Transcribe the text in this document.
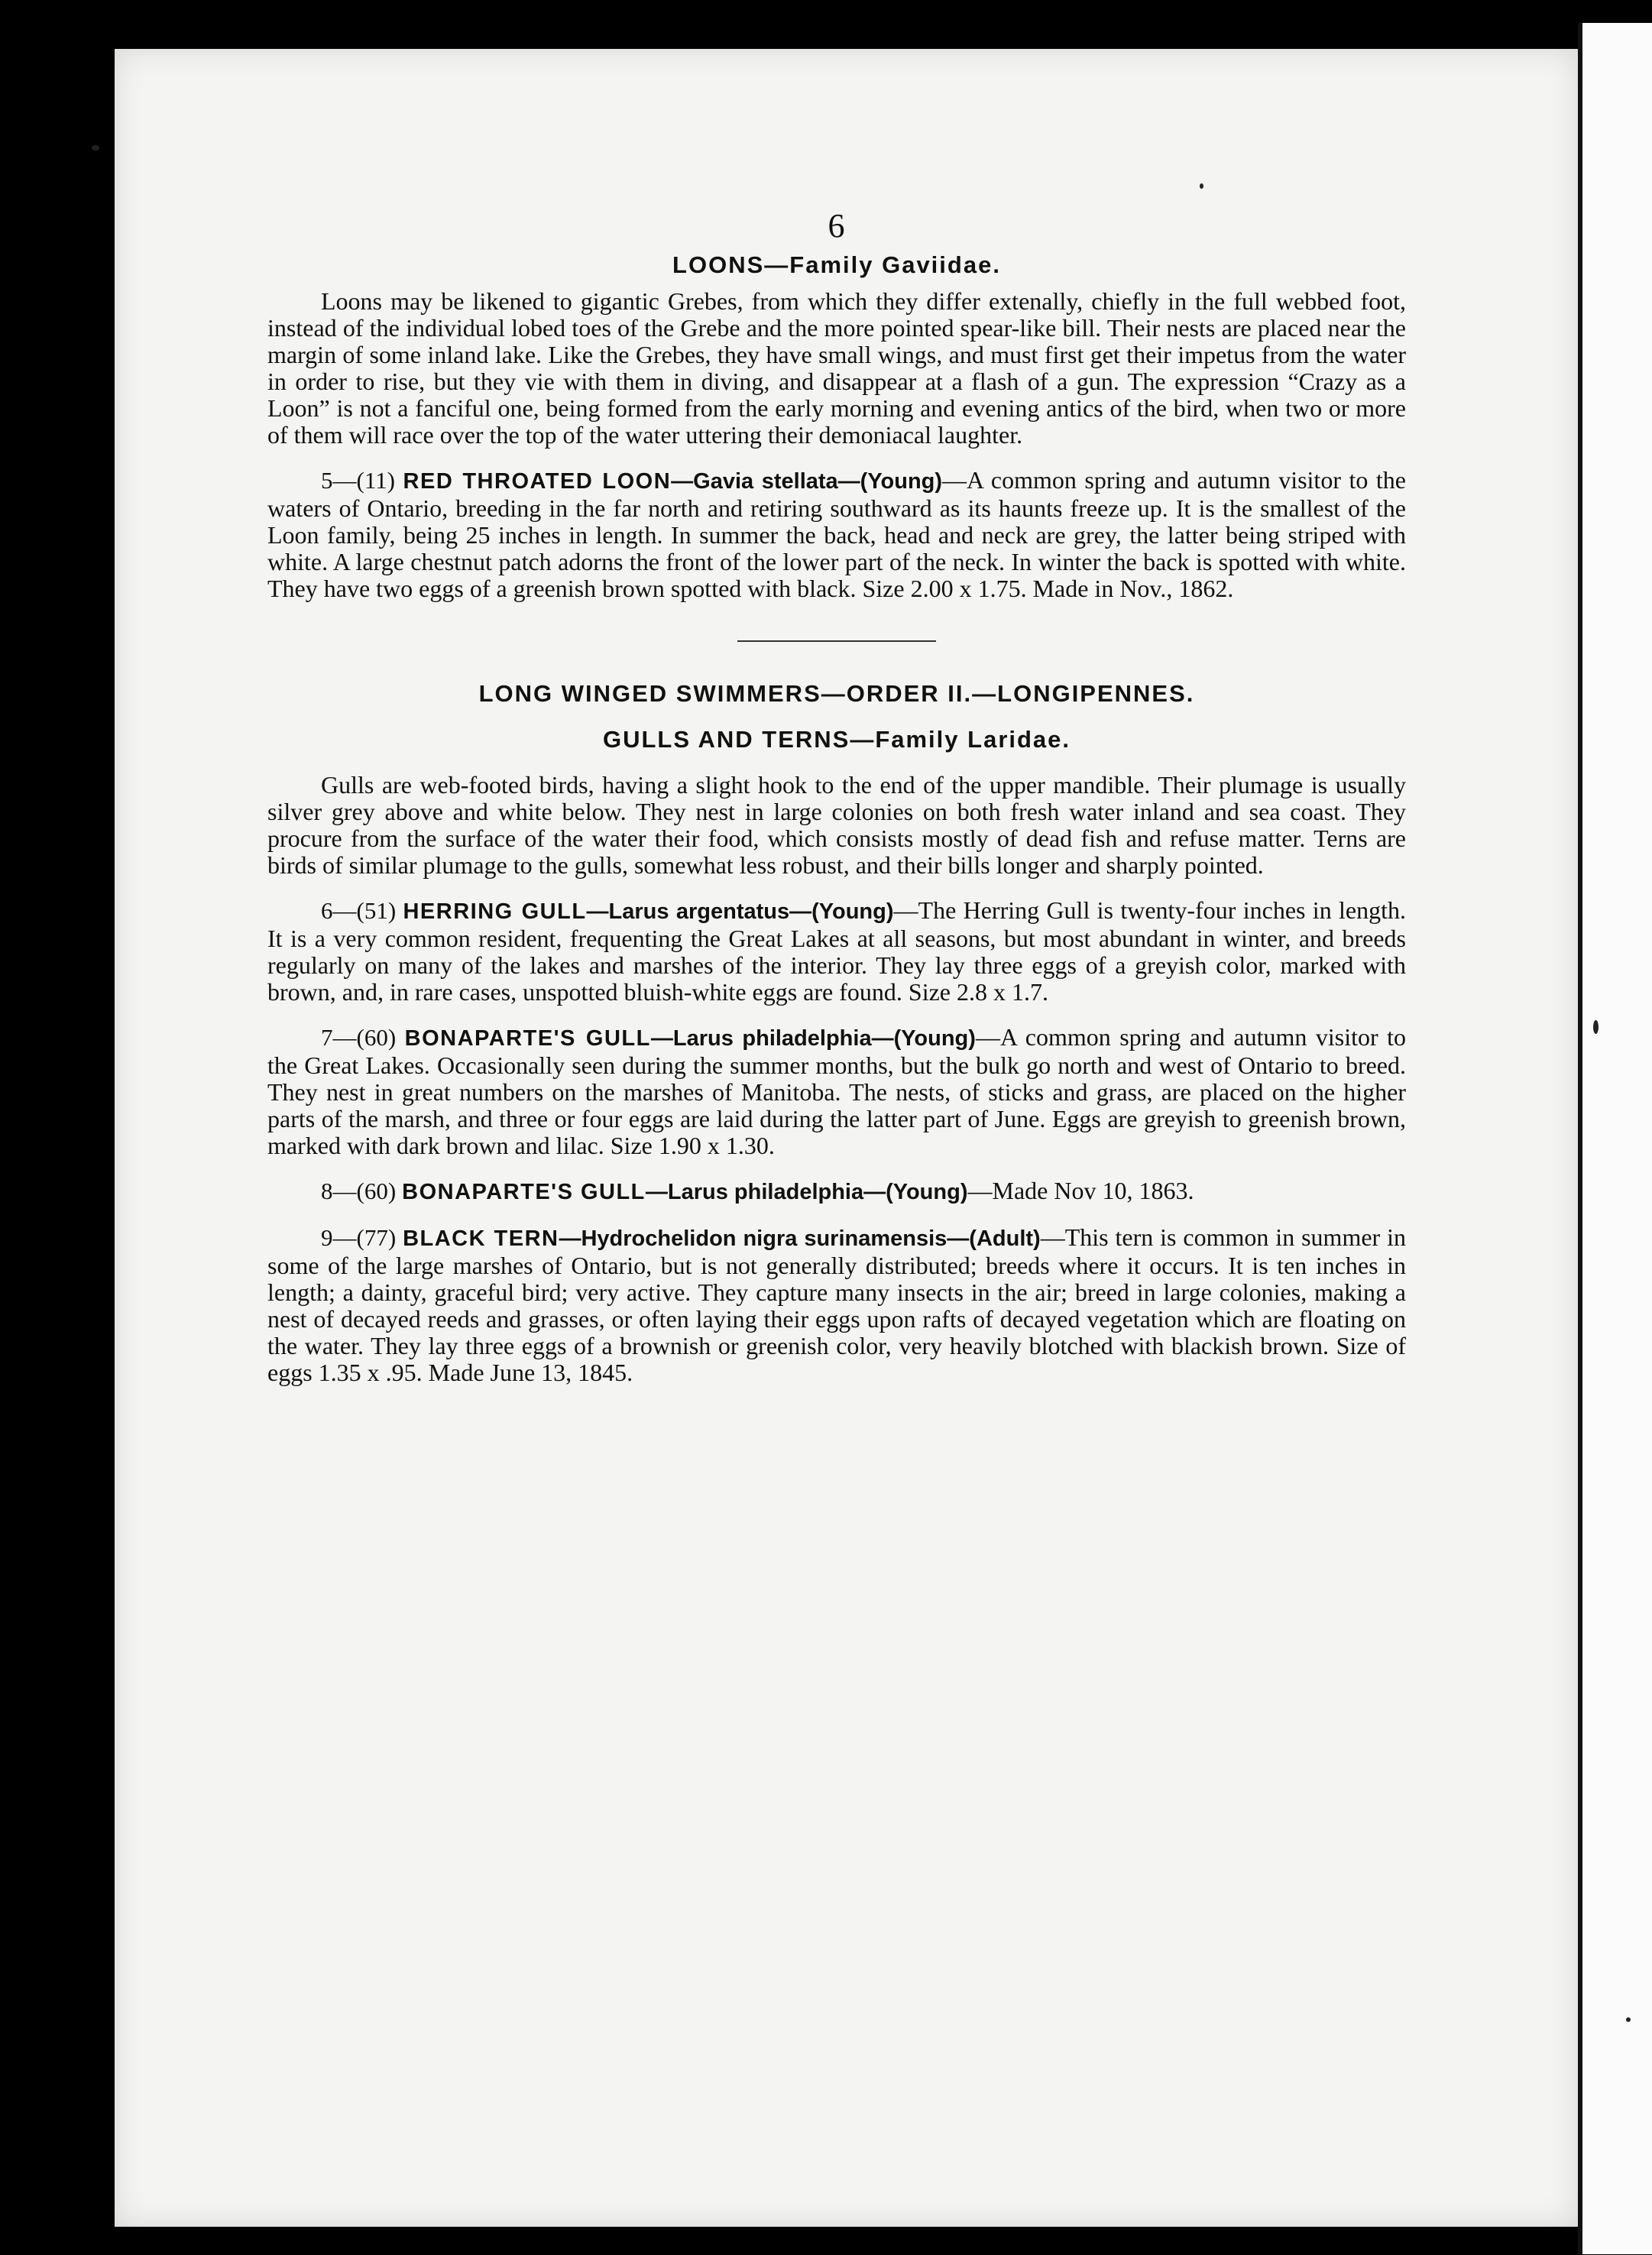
6
LOONS—Family Gaviidae.

Loons may be likened to gigantic Grebes, from which they differ extenally, chiefly in the full webbed foot, instead of the individual lobed toes of the Grebe and the more pointed spear-like bill. Their nests are placed near the margin of some inland lake. Like the Grebes, they have small wings, and must first get their impetus from the water in order to rise, but they vie with them in diving, and disappear at a flash of a gun. The expression “Crazy as a Loon” is not a fanciful one, being formed from the early morning and evening antics of the bird, when two or more of them will race over the top of the water uttering their demoniacal laughter.

5—(11) RED THROATED LOON—Gavia stellata—(Young)—A common spring and autumn visitor to the waters of Ontario, breeding in the far north and retiring southward as its haunts freeze up. It is the smallest of the Loon family, being 25 inches in length. In summer the back, head and neck are grey, the latter being striped with white. A large chestnut patch adorns the front of the lower part of the neck. In winter the back is spotted with white. They have two eggs of a greenish brown spotted with black. Size 2.00 x 1.75. Made in Nov., 1862.

LONG WINGED SWIMMERS—ORDER II.—LONGIPENNES.
GULLS AND TERNS—Family Laridae.

Gulls are web-footed birds, having a slight hook to the end of the upper mandible. Their plumage is usually silver grey above and white below. They nest in large colonies on both fresh water inland and sea coast. They procure from the surface of the water their food, which consists mostly of dead fish and refuse matter. Terns are birds of similar plumage to the gulls, somewhat less robust, and their bills longer and sharply pointed.

6—(51) HERRING GULL—Larus argentatus—(Young)—The Herring Gull is twenty-four inches in length. It is a very common resident, frequenting the Great Lakes at all seasons, but most abundant in winter, and breeds regularly on many of the lakes and marshes of the interior. They lay three eggs of a greyish color, marked with brown, and, in rare cases, unspotted bluish-white eggs are found. Size 2.8 x 1.7.

7—(60) BONAPARTE'S GULL—Larus philadelphia—(Young)—A common spring and autumn visitor to the Great Lakes. Occasionally seen during the summer months, but the bulk go north and west of Ontario to breed. They nest in great numbers on the marshes of Manitoba. The nests, of sticks and grass, are placed on the higher parts of the marsh, and three or four eggs are laid during the latter part of June. Eggs are greyish to greenish brown, marked with dark brown and lilac. Size 1.90 x 1.30.

8—(60) BONAPARTE'S GULL—Larus philadelphia—(Young)—Made Nov 10, 1863.

9—(77) BLACK TERN—Hydrochelidon nigra surinamensis—(Adult)—This tern is common in summer in some of the large marshes of Ontario, but is not generally distributed; breeds where it occurs. It is ten inches in length; a dainty, graceful bird; very active. They capture many insects in the air; breed in large colonies, making a nest of decayed reeds and grasses, or often laying their eggs upon rafts of decayed vegetation which are floating on the water. They lay three eggs of a brownish or greenish color, very heavily blotched with blackish brown. Size of eggs 1.35 x .95. Made June 13, 1845.
